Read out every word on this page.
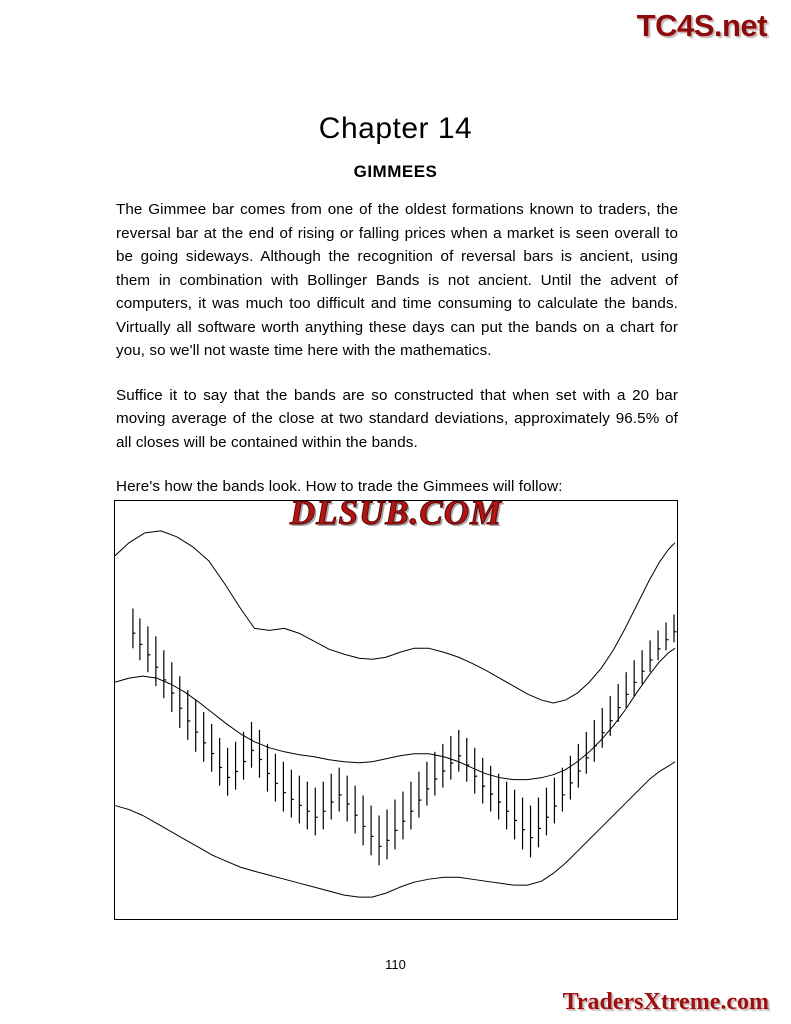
TC4S.net
Chapter 14
GIMMEES

The Gimmee bar comes from one of the oldest formations known to traders, the reversal bar at the end of rising or falling prices when a market is seen overall to be going sideways. Although the recognition of reversal bars is ancient, using them in combination with Bollinger Bands is not ancient. Until the advent of computers, it was much too difficult and time consuming to calculate the bands. Virtually all software worth anything these days can put the bands on a chart for you, so we'll not waste time here with the mathematics.

Suffice it to say that the bands are so constructed that when set with a 20 bar moving average of the close at two standard deviations, approximately 96.5% of all closes will be contained within the bands.

Here's how the bands look. How to trade the Gimmees will follow:

DLSUB.COM
110
TradersXtreme.com
